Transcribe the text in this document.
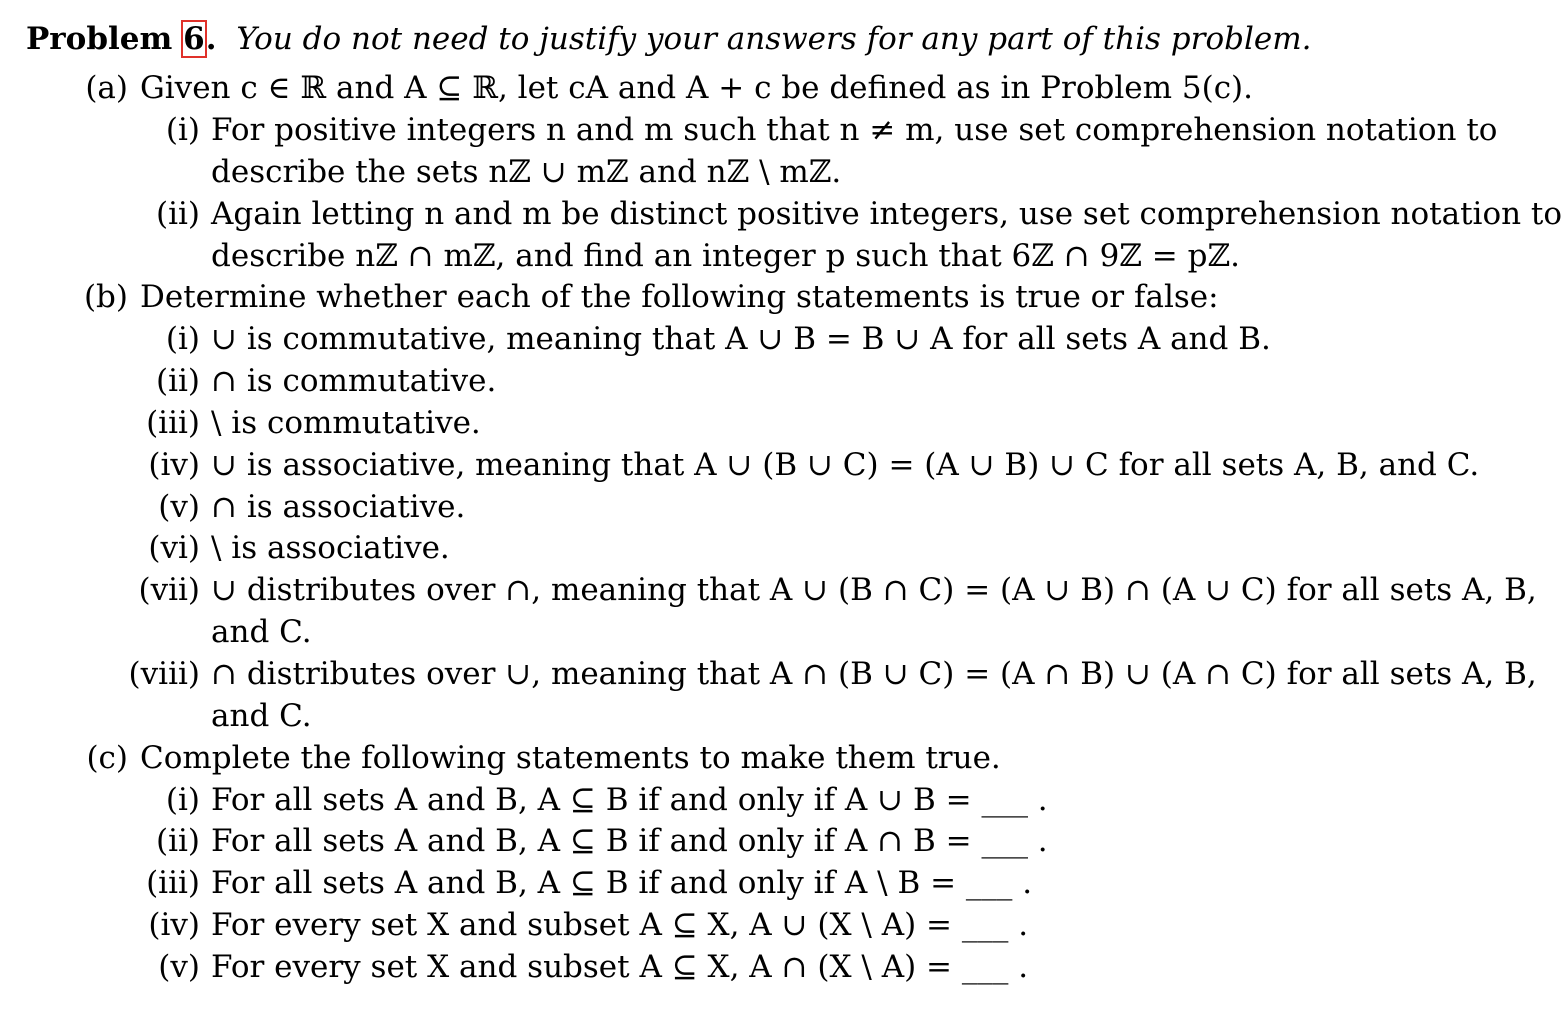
Problem 6. You do not need to justify your answers for any part of this problem.
(a) Given c ∈ ℝ and A ⊆ ℝ, let cA and A + c be defined as in Problem 5(c).
(i) For positive integers n and m such that n ≠ m, use set comprehension notation to
describe the sets nℤ ∪ mℤ and nℤ \ mℤ.
(ii) Again letting n and m be distinct positive integers, use set comprehension notation to
describe nℤ ∩ mℤ, and find an integer p such that 6ℤ ∩ 9ℤ = pℤ.
(b) Determine whether each of the following statements is true or false:
(i) ∪ is commutative, meaning that A ∪ B = B ∪ A for all sets A and B.
(ii) ∩ is commutative.
(iii) \ is commutative.
(iv) ∪ is associative, meaning that A ∪ (B ∪ C) = (A ∪ B) ∪ C for all sets A, B, and C.
(v) ∩ is associative.
(vi) \ is associative.
(vii) ∪ distributes over ∩, meaning that A ∪ (B ∩ C) = (A ∪ B) ∩ (A ∪ C) for all sets A, B,
and C.
(viii) ∩ distributes over ∪, meaning that A ∩ (B ∪ C) = (A ∩ B) ∪ (A ∩ C) for all sets A, B,
and C.
(c) Complete the following statements to make them true.
(i) For all sets A and B, A ⊆ B if and only if A ∪ B = ___ .
(ii) For all sets A and B, A ⊆ B if and only if A ∩ B = ___ .
(iii) For all sets A and B, A ⊆ B if and only if A \ B = ___ .
(iv) For every set X and subset A ⊆ X, A ∪ (X \ A) = ___ .
(v) For every set X and subset A ⊆ X, A ∩ (X \ A) = ___ .
